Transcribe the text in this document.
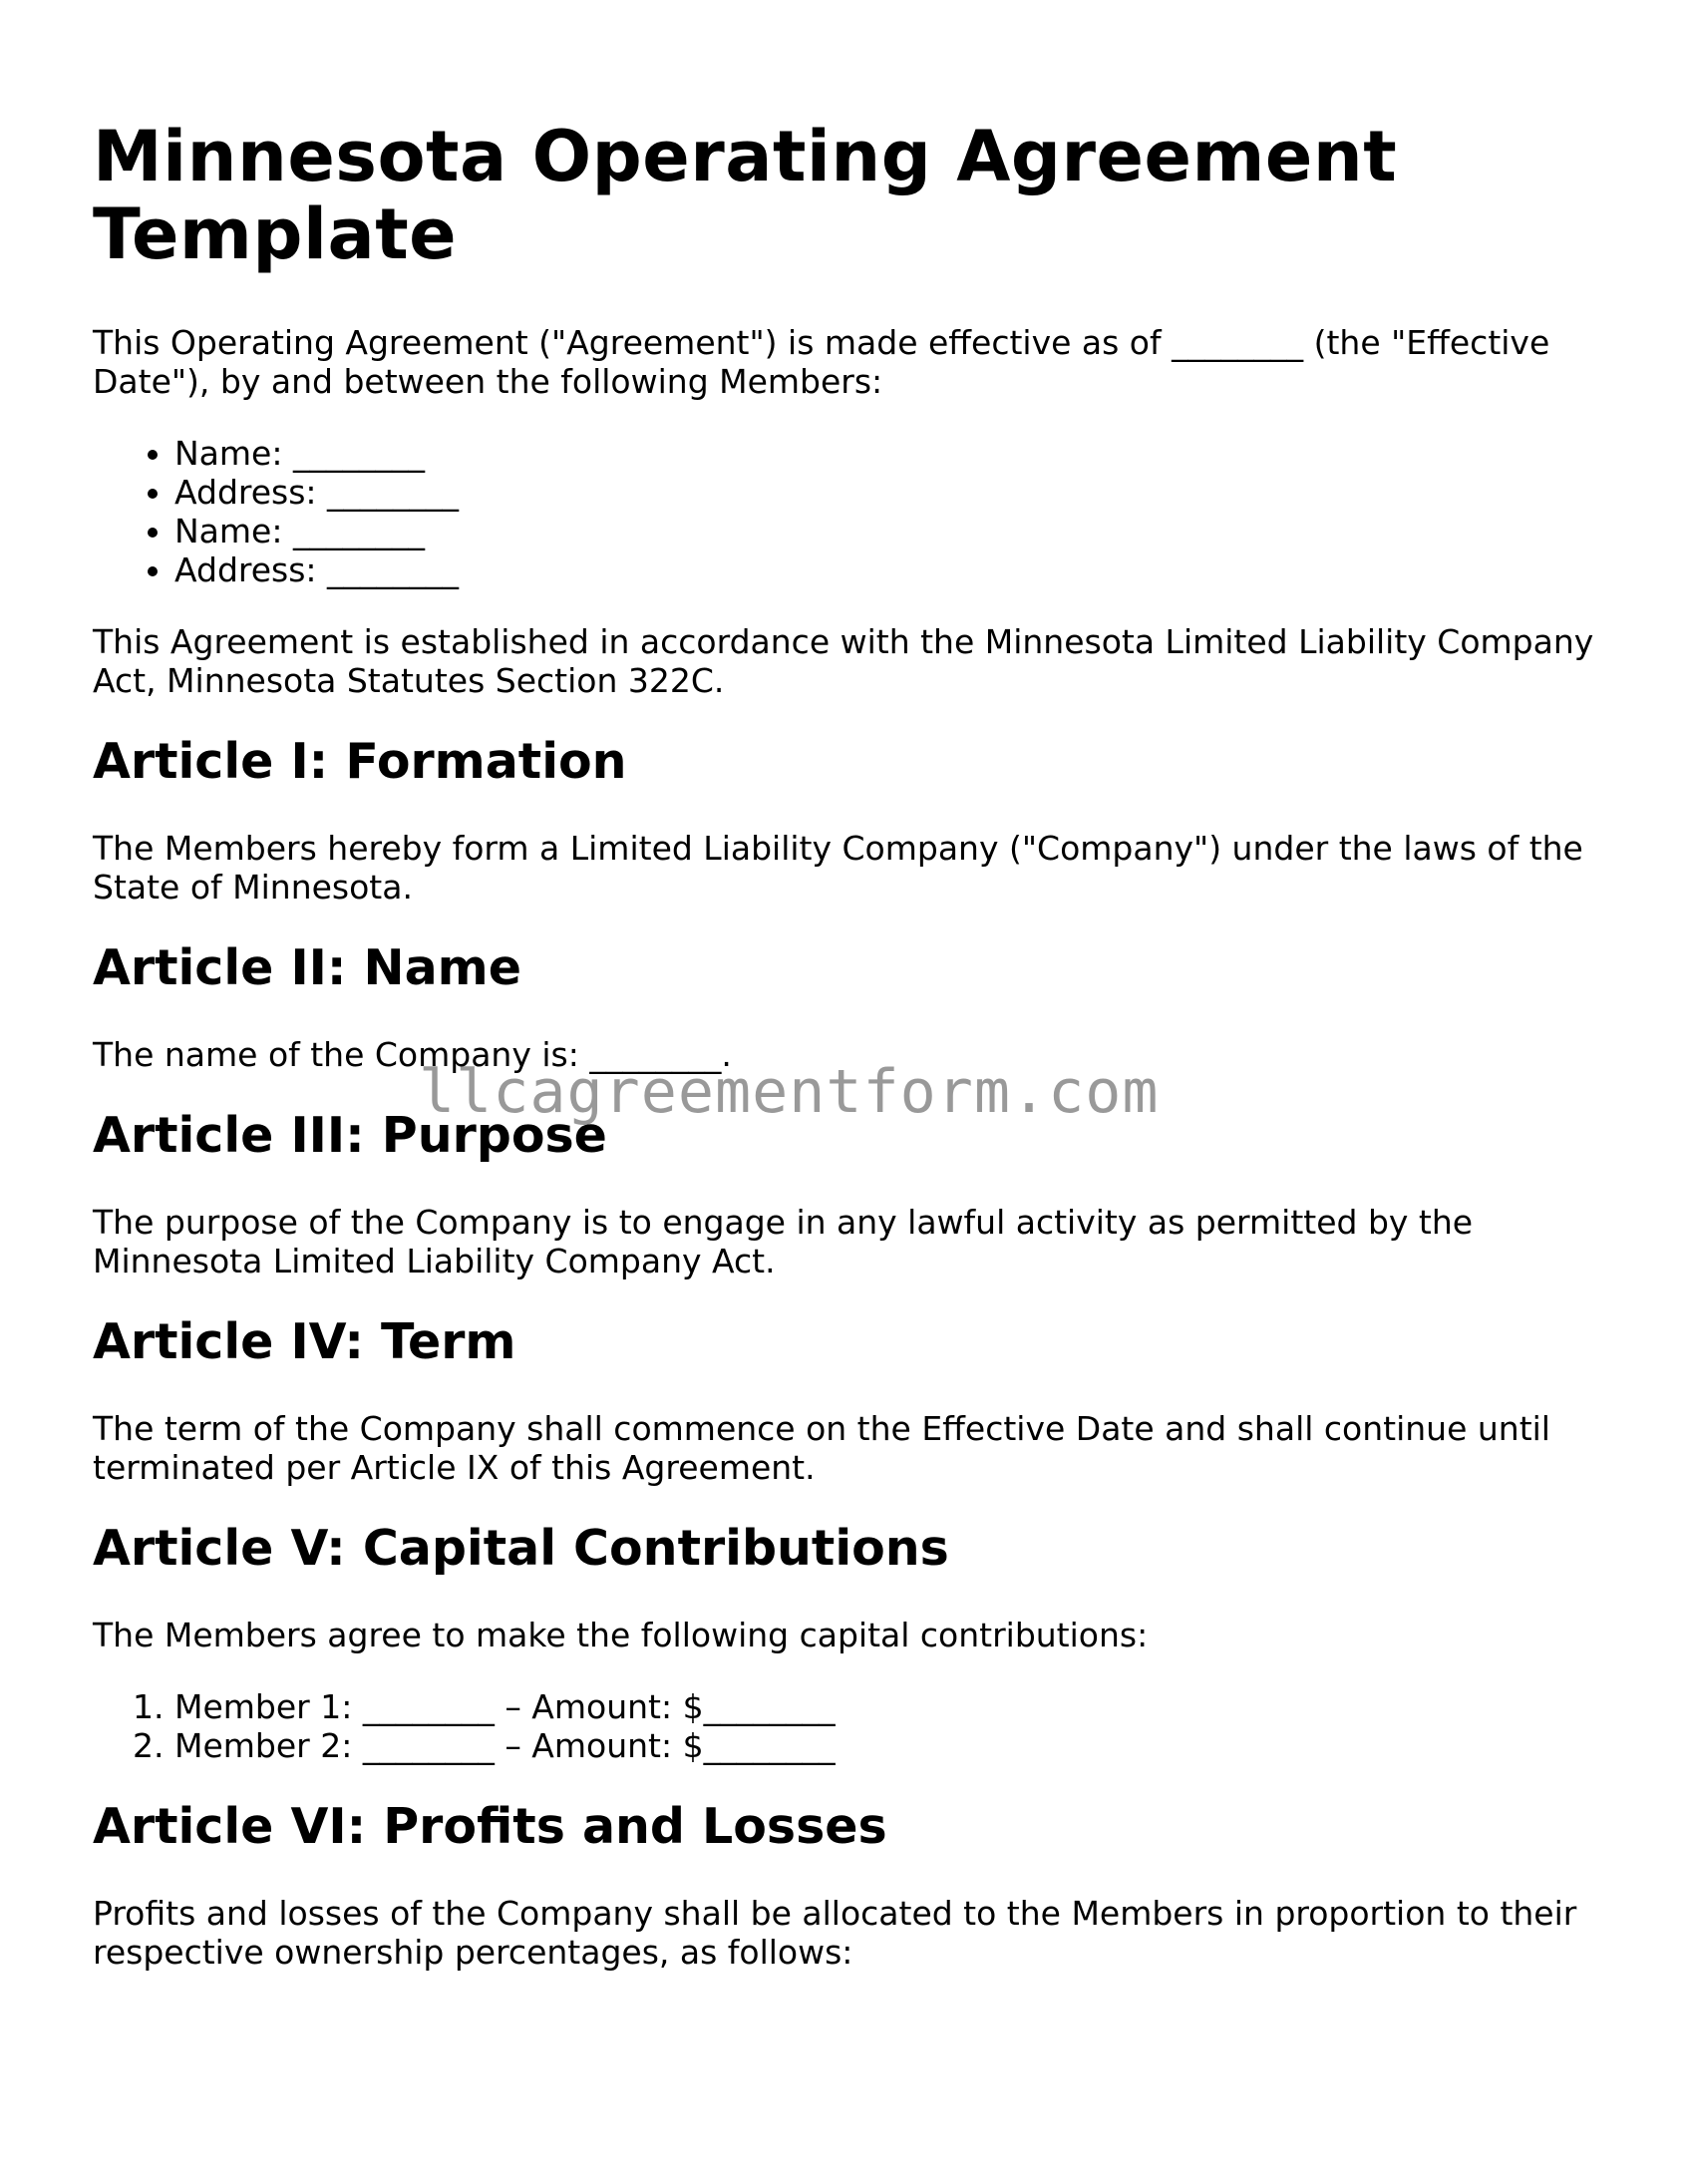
Minnesota Operating Agreement Template

This Operating Agreement ("Agreement") is made effective as of ________ (the "Effective Date"), by and between the following Members:

• Name: ________
• Address: ________
• Name: ________
• Address: ________

This Agreement is established in accordance with the Minnesota Limited Liability Company Act, Minnesota Statutes Section 322C.

Article I: Formation

The Members hereby form a Limited Liability Company ("Company") under the laws of the State of Minnesota.

Article II: Name

The name of the Company is: ________.

Article III: Purpose

The purpose of the Company is to engage in any lawful activity as permitted by the Minnesota Limited Liability Company Act.

Article IV: Term

The term of the Company shall commence on the Effective Date and shall continue until terminated per Article IX of this Agreement.

Article V: Capital Contributions

The Members agree to make the following capital contributions:

1. Member 1: ________ – Amount: $________
2. Member 2: ________ – Amount: $________
Article VI: Profits and Losses

Profits and losses of the Company shall be allocated to the Members in proportion to their respective ownership percentages, as follows:

llcagreementform.com
